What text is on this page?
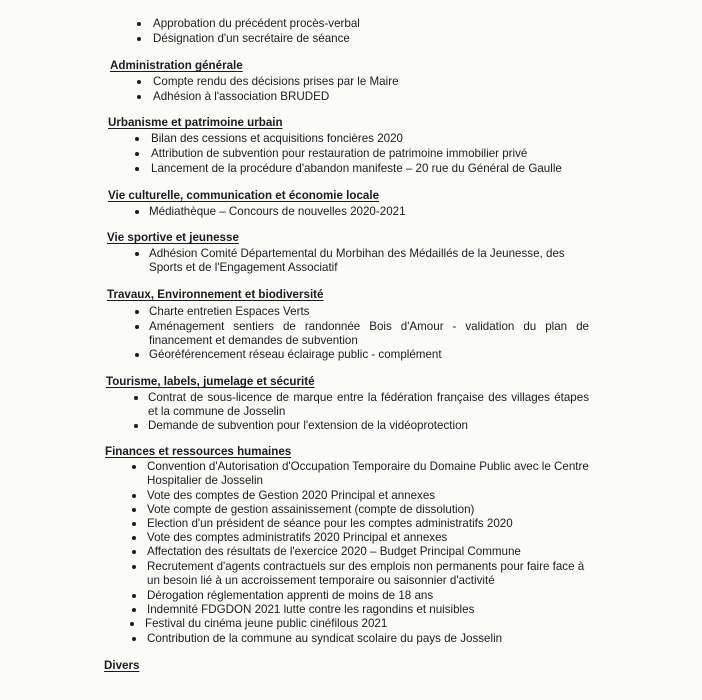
Approbation du précédent procès-verbal
Désignation d'un secrétaire de séance
Administration générale
Compte rendu des décisions prises par le Maire
Adhésion à l'association BRUDED
Urbanisme et patrimoine urbain
Bilan des cessions et acquisitions foncières 2020
Attribution de subvention pour restauration de patrimoine immobilier privé
Lancement de la procédure d'abandon manifeste – 20 rue du Général de Gaulle
Vie culturelle, communication et économie locale
Médiathèque – Concours de nouvelles 2020-2021
Vie sportive et jeunesse
Adhésion Comité Départemental du Morbihan des Médaillés de la Jeunesse, des Sports et de l'Engagement Associatif
Travaux, Environnement et biodiversité
Charte entretien Espaces Verts
Aménagement sentiers de randonnée Bois d'Amour - validation du plan de financement et demandes de subvention
Géoréférencement réseau éclairage public - complément
Tourisme, labels, jumelage et sécurité
Contrat de sous-licence de marque entre la fédération française des villages étapes et la commune de Josselin
Demande de subvention pour l'extension de la vidéoprotection
Finances et ressources humaines
Convention d'Autorisation d'Occupation Temporaire du Domaine Public avec le Centre Hospitalier de Josselin
Vote des comptes de Gestion 2020 Principal et annexes
Vote compte de gestion assainissement (compte de dissolution)
Election d'un président de séance pour les comptes administratifs 2020
Vote des comptes administratifs 2020 Principal et annexes
Affectation des résultats de l'exercice 2020 – Budget Principal Commune
Recrutement d'agents contractuels sur des emplois non permanents pour faire face à un besoin lié à un accroissement temporaire ou saisonnier d'activité
Dérogation réglementation apprenti de moins de 18 ans
Indemnité FDGDON 2021 lutte contre les ragondins et nuisibles
Festival du cinéma jeune public cinéfilous 2021
Contribution de la commune au syndicat scolaire du pays de Josselin
Divers
